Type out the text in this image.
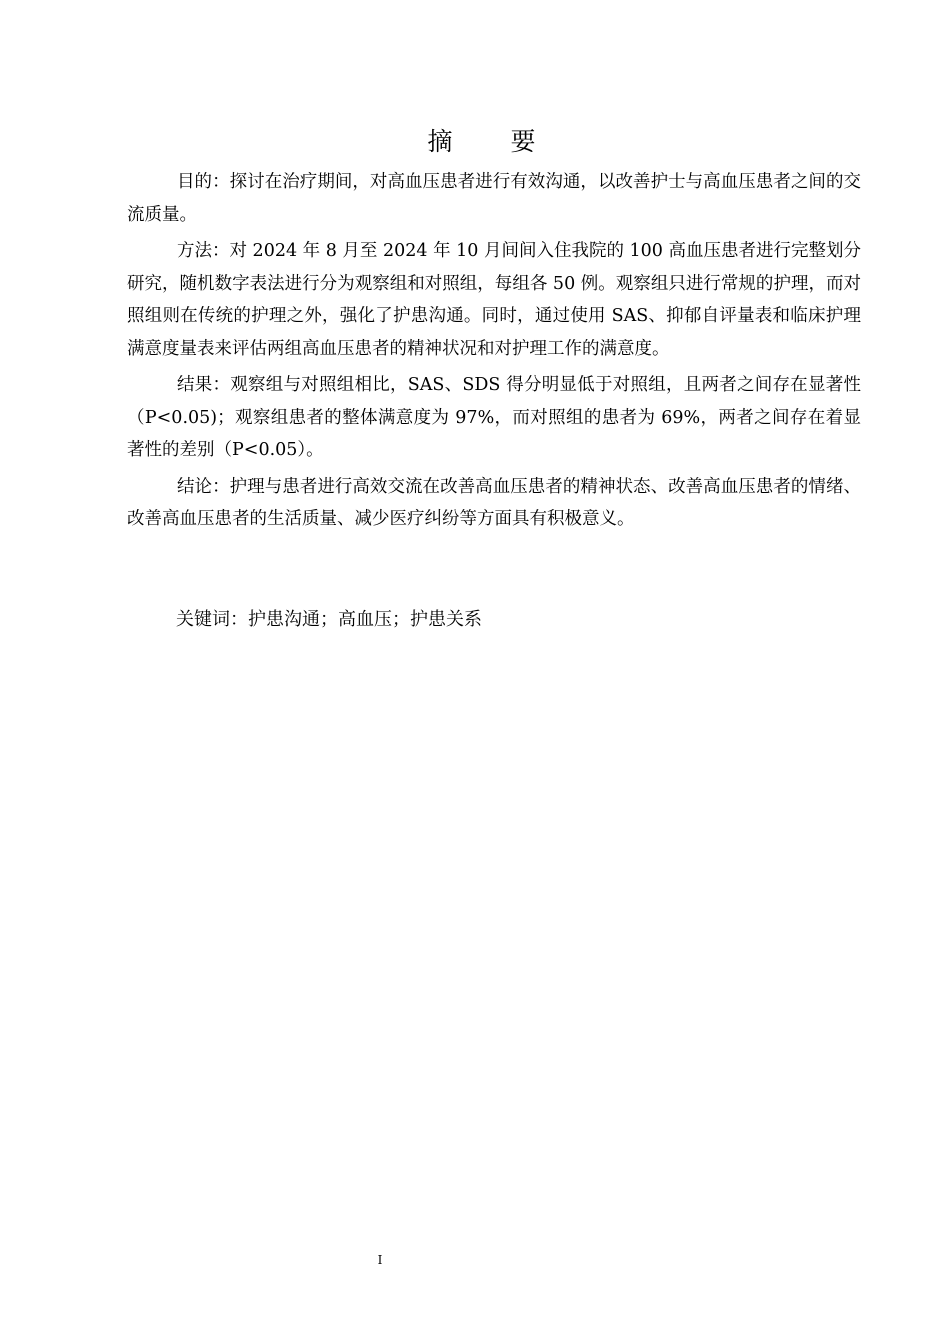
摘 要

目的：探讨在治疗期间，对高血压患者进行有效沟通，以改善护士与高血压患者之间的交流质量。

方法：对 2024 年 8 月至 2024 年 10 月间间入住我院的 100 高血压患者进行完整划分研究，随机数字表法进行分为观察组和对照组，每组各 50 例。观察组只进行常规的护理，而对照组则在传统的护理之外，强化了护患沟通。同时，通过使用 SAS、抑郁自评量表和临床护理满意度量表来评估两组高血压患者的精神状况和对护理工作的满意度。

结果：观察组与对照组相比，SAS、SDS 得分明显低于对照组，且两者之间存在显著性（P<0.05)；观察组患者的整体满意度为 97%，而对照组的患者为 69%，两者之间存在着显著性的差别（P<0.05）。

结论：护理与患者进行高效交流在改善高血压患者的精神状态、改善高血压患者的情绪、改善高血压患者的生活质量、减少医疗纠纷等方面具有积极意义。

关键词：护患沟通；高血压；护患关系
I
